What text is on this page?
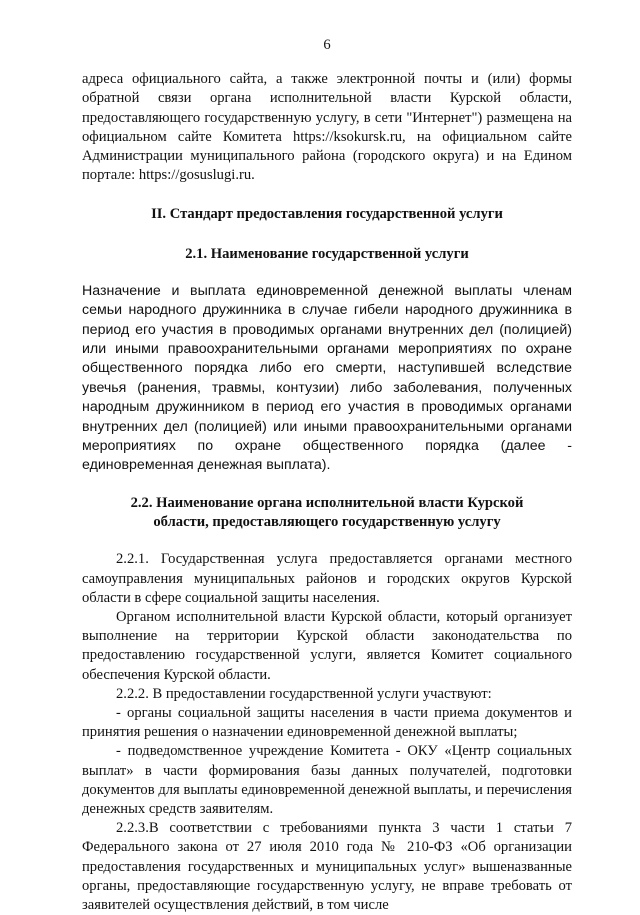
6

адреса официального сайта, а также электронной почты и (или) формы обратной связи органа исполнительной власти Курской области, предоставляющего государственную услугу, в сети "Интернет") размещена на официальном сайте Комитета https://ksokursk.ru, на официальном сайте Администрации муниципального района (городского округа) и на Едином портале: https://gosuslugi.ru.

II. Стандарт предоставления государственной услуги
2.1. Наименование государственной услуги

Назначение и выплата единовременной денежной выплаты членам семьи народного дружинника в случае гибели народного дружинника в период его участия в проводимых органами внутренних дел (полицией) или иными правоохранительными органами мероприятиях по охране общественного порядка либо его смерти, наступившей вследствие увечья (ранения, травмы, контузии) либо заболевания, полученных народным дружинником в период его участия в проводимых органами внутренних дел (полицией) или иными правоохранительными органами мероприятиях по охране общественного порядка (далее - единовременная денежная выплата).

2.2. Наименование органа исполнительной власти Курской
области, предоставляющего государственную услугу

2.2.1. Государственная услуга предоставляется органами местного самоуправления муниципальных районов и городских округов Курской области в сфере социальной защиты населения.

Органом исполнительной власти Курской области, который организует выполнение на территории Курской области законодательства по предоставлению государственной услуги, является Комитет социального обеспечения Курской области.

2.2.2. В предоставлении государственной услуги участвуют:

- органы социальной защиты населения в части приема документов и принятия решения о назначении единовременной денежной выплаты;

- подведомственное учреждение Комитета - ОКУ «Центр социальных выплат» в части формирования базы данных получателей, подготовки документов для выплаты единовременной денежной выплаты, и перечисления денежных средств заявителям.

2.2.3.В соответствии с требованиями пункта 3 части 1 статьи 7 Федерального закона от 27 июля 2010 года № 210-ФЗ «Об организации предоставления государственных и муниципальных услуг» вышеназванные органы, предоставляющие государственную услугу, не вправе требовать от заявителей осуществления действий, в том числе
